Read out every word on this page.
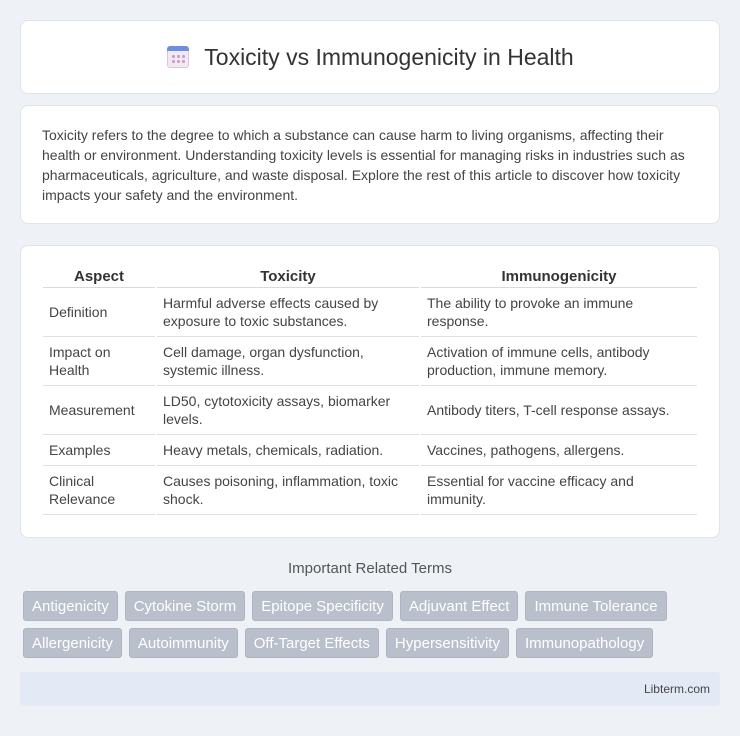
Toxicity vs Immunogenicity in Health

Toxicity refers to the degree to which a substance can cause harm to living organisms, affecting their health or environment. Understanding toxicity levels is essential for managing risks in industries such as pharmaceuticals, agriculture, and waste disposal. Explore the rest of this article to discover how toxicity impacts your safety and the environment.

Aspect	Toxicity	Immunogenicity
Definition	Harmful adverse effects caused by exposure to toxic substances.	The ability to provoke an immune response.
Impact on Health	Cell damage, organ dysfunction, systemic illness.	Activation of immune cells, antibody production, immune memory.
Measurement	LD50, cytotoxicity assays, biomarker levels.	Antibody titers, T-cell response assays.
Examples	Heavy metals, chemicals, radiation.	Vaccines, pathogens, allergens.
Clinical Relevance	Causes poisoning, inflammation, toxic shock.	Essential for vaccine efficacy and immunity.
Important Related Terms
Antigenicity	Cytokine Storm	Epitope Specificity	Adjuvant Effect	Immune Tolerance
Allergenicity	Autoimmunity	Off-Target Effects	Hypersensitivity	Immunopathology
Libterm.com
